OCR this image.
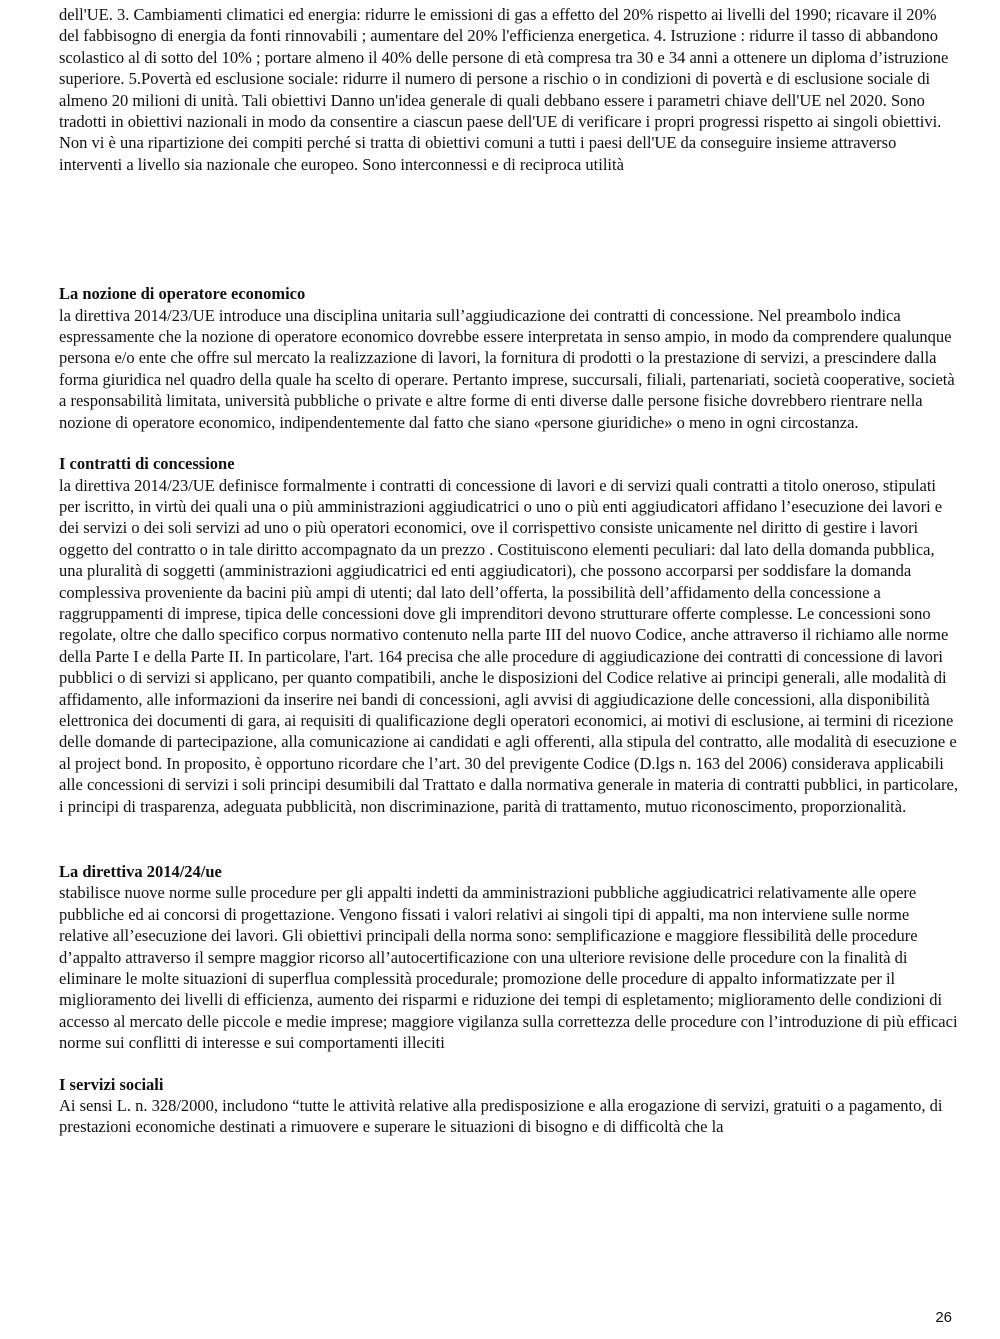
dell'UE. 3. Cambiamenti climatici ed energia: ridurre le emissioni di gas a effetto del 20% rispetto ai livelli del 1990; ricavare il 20% del fabbisogno di energia da fonti rinnovabili ; aumentare del 20% l'efficienza energetica. 4. Istruzione : ridurre il tasso di abbandono scolastico al di sotto del 10% ; portare almeno il 40% delle persone di età compresa tra 30 e 34 anni a ottenere un diploma d’istruzione superiore. 5.Povertà ed esclusione sociale: ridurre il numero di persone a rischio o in condizioni di povertà e di esclusione sociale di almeno 20 milioni di unità. Tali obiettivi Danno un'idea generale di quali debbano essere i parametri chiave dell'UE nel 2020. Sono tradotti in obiettivi nazionali in modo da consentire a ciascun paese dell'UE di verificare i propri progressi rispetto ai singoli obiettivi. Non vi è una ripartizione dei compiti perché si tratta di obiettivi comuni a tutti i paesi dell'UE da conseguire insieme attraverso interventi a livello sia nazionale che europeo. Sono interconnessi e di reciproca utilità

La nozione di operatore economico

la direttiva 2014/23/UE introduce una disciplina unitaria sull’aggiudicazione dei contratti di concessione. Nel preambolo indica espressamente che la nozione di operatore economico dovrebbe essere interpretata in senso ampio, in modo da comprendere qualunque persona e/o ente che offre sul mercato la realizzazione di lavori, la fornitura di prodotti o la prestazione di servizi, a prescindere dalla forma giuridica nel quadro della quale ha scelto di operare. Pertanto imprese, succursali, filiali, partenariati, società cooperative, società a responsabilità limitata, università pubbliche o private e altre forme di enti diverse dalle persone fisiche dovrebbero rientrare nella nozione di operatore economico, indipendentemente dal fatto che siano «persone giuridiche» o meno in ogni circostanza.

I contratti di concessione

la direttiva 2014/23/UE definisce formalmente i contratti di concessione di lavori e di servizi quali contratti a titolo oneroso, stipulati per iscritto, in virtù dei quali una o più amministrazioni aggiudicatrici o uno o più enti aggiudicatori affidano l’esecuzione dei lavori e dei servizi o dei soli servizi ad uno o più operatori economici, ove il corrispettivo consiste unicamente nel diritto di gestire i lavori oggetto del contratto o in tale diritto accompagnato da un prezzo . Costituiscono elementi peculiari: dal lato della domanda pubblica, una pluralità di soggetti (amministrazioni aggiudicatrici ed enti aggiudicatori), che possono accorparsi per soddisfare la domanda complessiva proveniente da bacini più ampi di utenti; dal lato dell’offerta, la possibilità dell’affidamento della concessione a raggruppamenti di imprese, tipica delle concessioni dove gli imprenditori devono strutturare offerte complesse. Le concessioni sono regolate, oltre che dallo specifico corpus normativo contenuto nella parte III del nuovo Codice, anche attraverso il richiamo alle norme della Parte I e della Parte II. In particolare, l'art. 164 precisa che alle procedure di aggiudicazione dei contratti di concessione di lavori pubblici o di servizi si applicano, per quanto compatibili, anche le disposizioni del Codice relative ai principi generali, alle modalità di affidamento, alle informazioni da inserire nei bandi di concessioni, agli avvisi di aggiudicazione delle concessioni, alla disponibilità elettronica dei documenti di gara, ai requisiti di qualificazione degli operatori economici, ai motivi di esclusione, ai termini di ricezione delle domande di partecipazione, alla comunicazione ai candidati e agli offerenti, alla stipula del contratto, alle modalità di esecuzione e al project bond. In proposito, è opportuno ricordare che l’art. 30 del previgente Codice (D.lgs n. 163 del 2006) considerava applicabili alle concessioni di servizi i soli principi desumibili dal Trattato e dalla normativa generale in materia di contratti pubblici, in particolare, i principi di trasparenza, adeguata pubblicità, non discriminazione, parità di trattamento, mutuo riconoscimento, proporzionalità.

La direttiva 2014/24/ue

stabilisce nuove norme sulle procedure per gli appalti indetti da amministrazioni pubbliche aggiudicatrici relativamente alle opere pubbliche ed ai concorsi di progettazione. Vengono fissati i valori relativi ai singoli tipi di appalti, ma non interviene sulle norme relative all’esecuzione dei lavori. Gli obiettivi principali della norma sono: semplificazione e maggiore flessibilità delle procedure d’appalto attraverso il sempre maggior ricorso all’autocertificazione con una ulteriore revisione delle procedure con la finalità di eliminare le molte situazioni di superflua complessità procedurale; promozione delle procedure di appalto informatizzate per il miglioramento dei livelli di efficienza, aumento dei risparmi e riduzione dei tempi di espletamento; miglioramento delle condizioni di accesso al mercato delle piccole e medie imprese; maggiore vigilanza sulla correttezza delle procedure con l’introduzione di più efficaci norme sui conflitti di interesse e sui comportamenti illeciti

I servizi sociali

Ai sensi L. n. 328/2000, includono “tutte le attività relative alla predisposizione e alla erogazione di servizi, gratuiti o a pagamento, di prestazioni economiche destinati a rimuovere e superare le situazioni di bisogno e di difficoltà che la

26
